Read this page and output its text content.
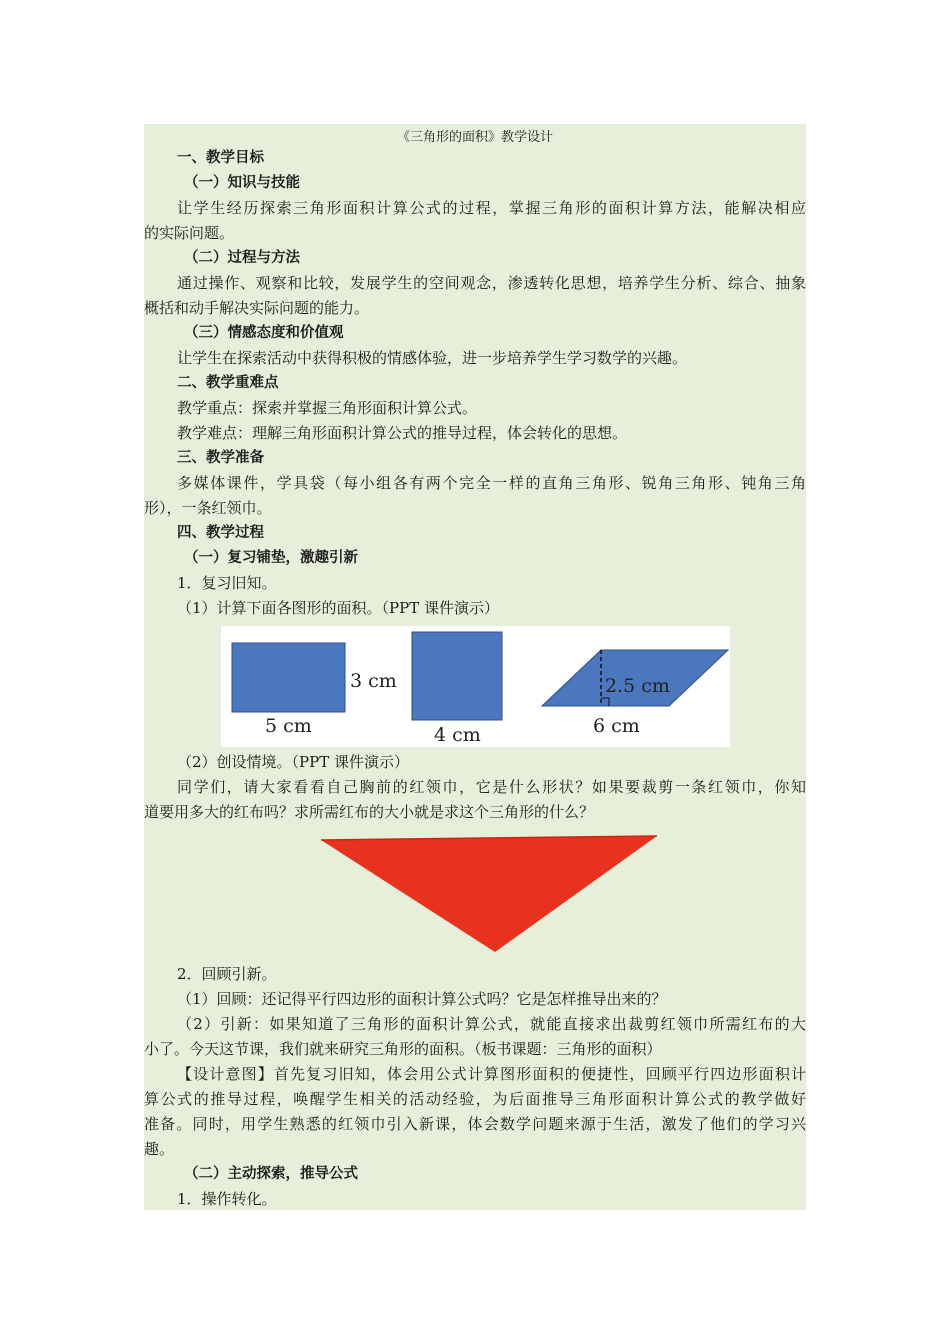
《三角形的面积》教学设计
一、教学目标
（一）知识与技能
让学生经历探索三角形面积计算公式的过程，掌握三角形的面积计算方法，能解决相应
的实际问题。
（二）过程与方法
通过操作、观察和比较，发展学生的空间观念，渗透转化思想，培养学生分析、综合、抽象
概括和动手解决实际问题的能力。
（三）情感态度和价值观
让学生在探索活动中获得积极的情感体验，进一步培养学生学习数学的兴趣。
二、教学重难点
教学重点：探索并掌握三角形面积计算公式。
教学难点：理解三角形面积计算公式的推导过程，体会转化的思想。
三、教学准备
多媒体课件，学具袋（每小组各有两个完全一样的直角三角形、锐角三角形、钝角三角
形），一条红领巾。
四、教学过程
（一）复习铺垫，激趣引新
1．复习旧知。
（1）计算下面各图形的面积。（PPT 课件演示）
3 cm
5 cm	4 cm
2.5 cm
6 cm
（2）创设情境。（PPT 课件演示）
同学们，请大家看看自己胸前的红领巾，它是什么形状？如果要裁剪一条红领巾，你知
道要用多大的红布吗？求所需红布的大小就是求这个三角形的什么？
2．回顾引新。
（1）回顾：还记得平行四边形的面积计算公式吗？它是怎样推导出来的？
（2）引新：如果知道了三角形的面积计算公式，就能直接求出裁剪红领巾所需红布的大
小了。今天这节课，我们就来研究三角形的面积。（板书课题：三角形的面积）
【设计意图】首先复习旧知，体会用公式计算图形面积的便捷性，回顾平行四边形面积计
算公式的推导过程，唤醒学生相关的活动经验，为后面推导三角形面积计算公式的教学做好
准备。同时，用学生熟悉的红领巾引入新课，体会数学问题来源于生活，激发了他们的学习兴
趣。
（二）主动探索，推导公式
1．操作转化。
